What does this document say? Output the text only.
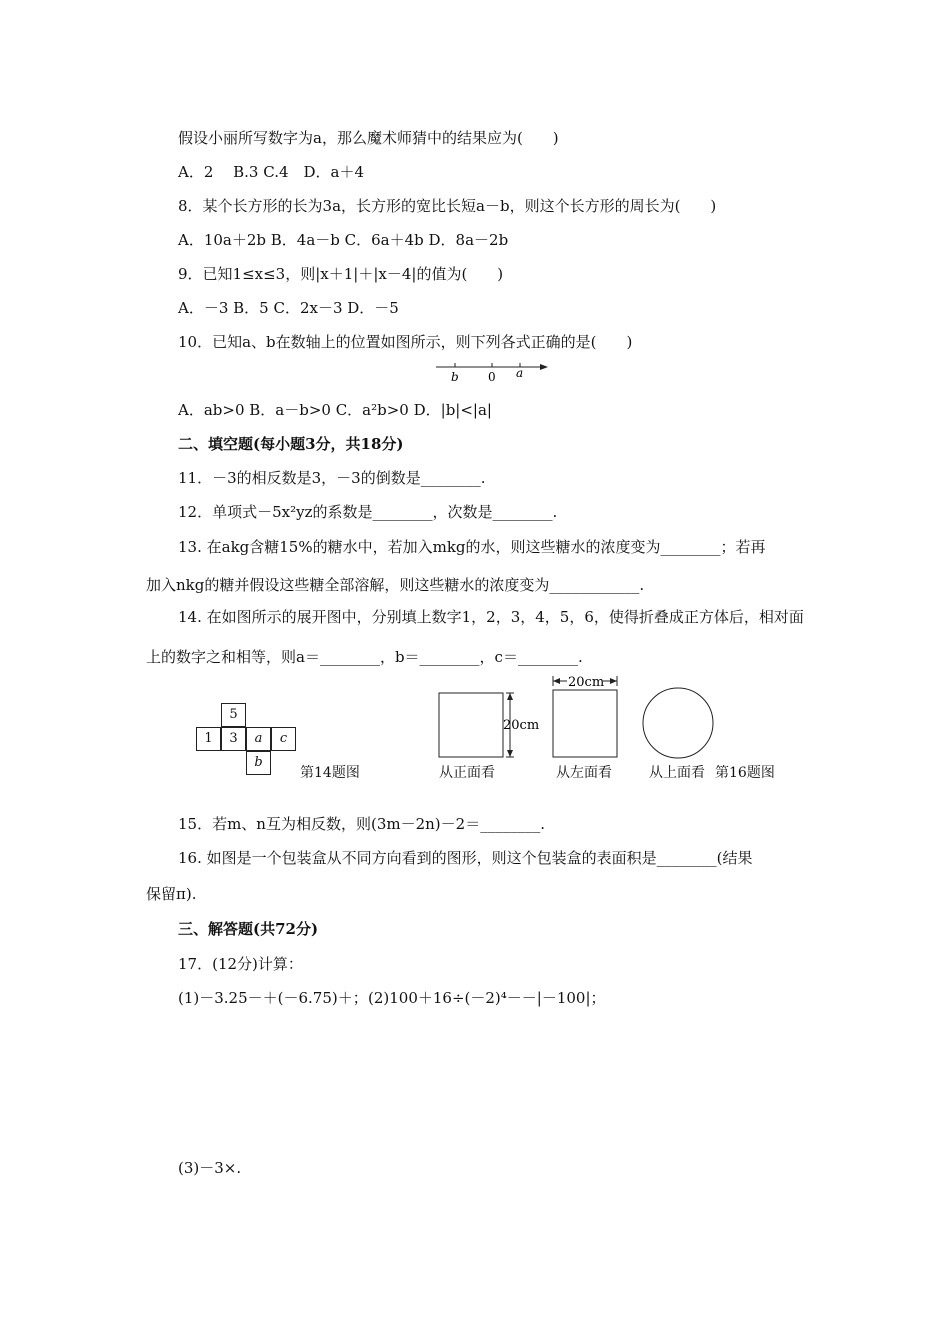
假设小丽所写数字为a，那么魔术师猜中的结果应为(　　)
A．2　 B.3 C.4　D．a＋4
8．某个长方形的长为3a，长方形的宽比长短a－b，则这个长方形的周长为(　　)
A．10a＋2b B．4a－b C．6a＋4b D．8a－2b
9．已知1≤x≤3，则|x＋1|＋|x－4|的值为(　　)
A．－3 B．5 C．2x－3 D．－5
10．已知a、b在数轴上的位置如图所示，则下列各式正确的是(　　)
b 0 a
A．ab>0 B．a－b>0 C．a²b>0 D．|b|<|a|
二、填空题(每小题3分，共18分)
11．－3的相反数是3，－3的倒数是________.
12．单项式－5x²yz的系数是________，次数是________.
13. 在akg含糖15%的糖水中，若加入mkg的水，则这些糖水的浓度变为________；若再
加入nkg的糖并假设这些糖全部溶解，则这些糖水的浓度变为____________.
14. 在如图所示的展开图中，分别填上数字1，2，3，4，5，6，使得折叠成正方体后，相对面
上的数字之和相等，则a＝________，b＝________，c＝________.
5
1	3	a	c
b
第14题图
20cm
20cm
从正面看	从左面看	从上面看 第16题图
15．若m、n互为相反数，则(3m－2n)－2＝________.
16. 如图是一个包装盒从不同方向看到的图形，则这个包装盒的表面积是________(结果
保留π).
三、解答题(共72分)
17．(12分)计算：
(1)－3.25－＋(－6.75)＋； (2)100＋16÷(－2)⁴－－|－100|；
(3)－3×.
